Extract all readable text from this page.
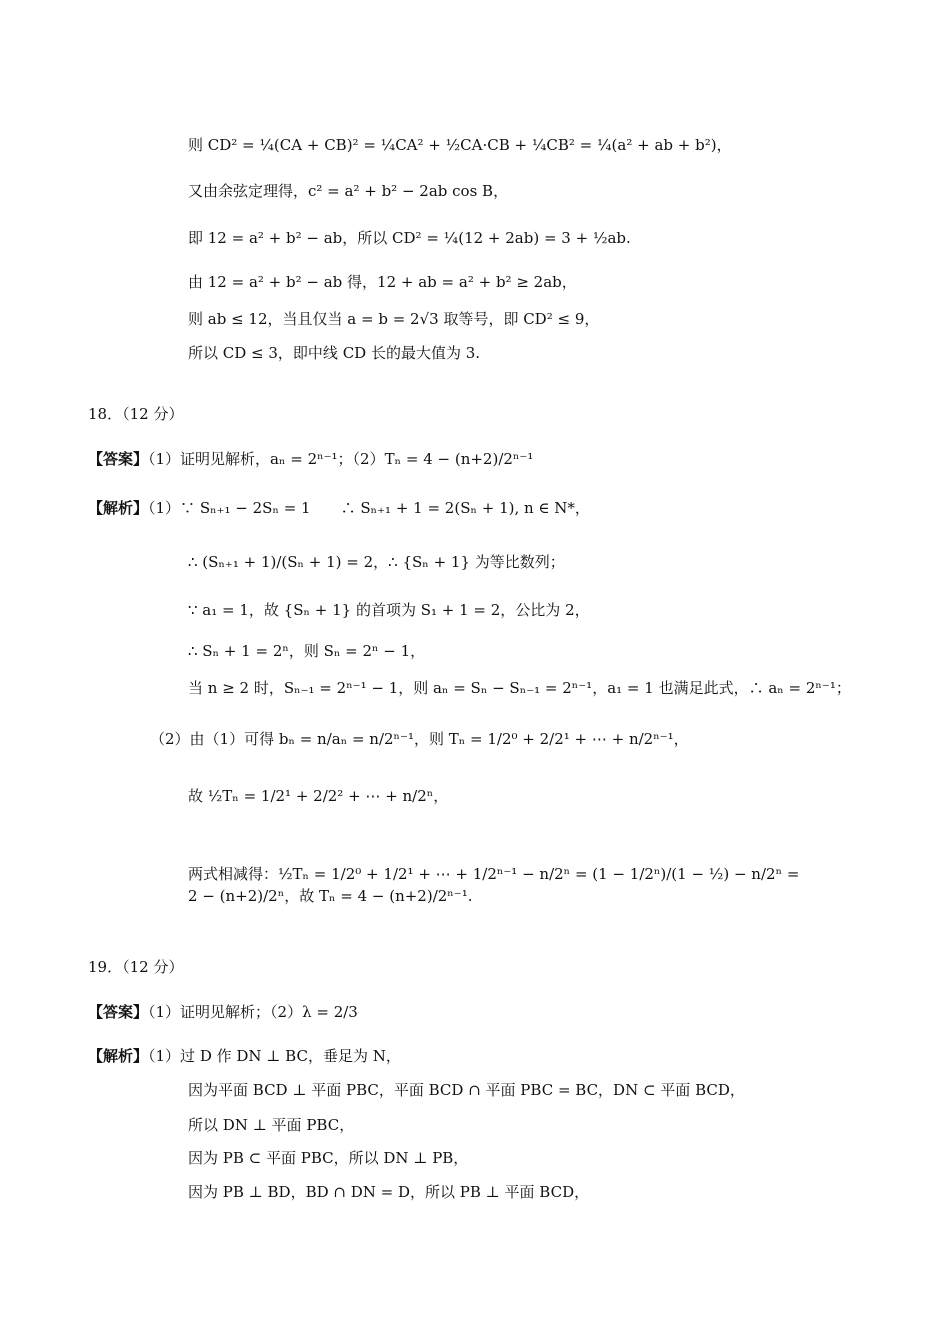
则 CD² = ¼(CA + CB)² = ¼CA² + ½CA·CB + ¼CB² = ¼(a² + ab + b²)，
又由余弦定理得，c² = a² + b² − 2ab cos B，
即 12 = a² + b² − ab，所以 CD² = ¼(12 + 2ab) = 3 + ½ab.
由 12 = a² + b² − ab 得，12 + ab = a² + b² ≥ 2ab，
则 ab ≤ 12，当且仅当 a = b = 2√3 取等号，即 CD² ≤ 9，
所以 CD ≤ 3，即中线 CD 长的最大值为 3.
18．（12 分）
【答案】（1）证明见解析，aₙ = 2ⁿ⁻¹；（2）Tₙ = 4 − (n+2)/2ⁿ⁻¹
【解析】（1）∵ Sₙ₊₁ − 2Sₙ = 1　　∴ Sₙ₊₁ + 1 = 2(Sₙ + 1), n ∈ N*，
∴ (Sₙ₊₁ + 1)/(Sₙ + 1) = 2，∴ {Sₙ + 1} 为等比数列；
∵ a₁ = 1，故 {Sₙ + 1} 的首项为 S₁ + 1 = 2，公比为 2，
∴ Sₙ + 1 = 2ⁿ，则 Sₙ = 2ⁿ − 1，
当 n ≥ 2 时，Sₙ₋₁ = 2ⁿ⁻¹ − 1，则 aₙ = Sₙ − Sₙ₋₁ = 2ⁿ⁻¹，a₁ = 1 也满足此式，∴ aₙ = 2ⁿ⁻¹；
（2）由（1）可得 bₙ = n/aₙ = n/2ⁿ⁻¹，则 Tₙ = 1/2⁰ + 2/2¹ + ⋯ + n/2ⁿ⁻¹，
故 ½Tₙ = 1/2¹ + 2/2² + ⋯ + n/2ⁿ，
两式相减得：½Tₙ = 1/2⁰ + 1/2¹ + ⋯ + 1/2ⁿ⁻¹ − n/2ⁿ = (1 − 1/2ⁿ)/(1 − ½) − n/2ⁿ = 2 − (n+2)/2ⁿ，故 Tₙ = 4 − (n+2)/2ⁿ⁻¹.
19．（12 分）
【答案】（1）证明见解析；（2）λ = 2/3
【解析】（1）过 D 作 DN ⊥ BC，垂足为 N，
因为平面 BCD ⊥ 平面 PBC，平面 BCD ∩ 平面 PBC = BC，DN ⊂ 平面 BCD，
所以 DN ⊥ 平面 PBC，
因为 PB ⊂ 平面 PBC，所以 DN ⊥ PB，
因为 PB ⊥ BD，BD ∩ DN = D，所以 PB ⊥ 平面 BCD，
